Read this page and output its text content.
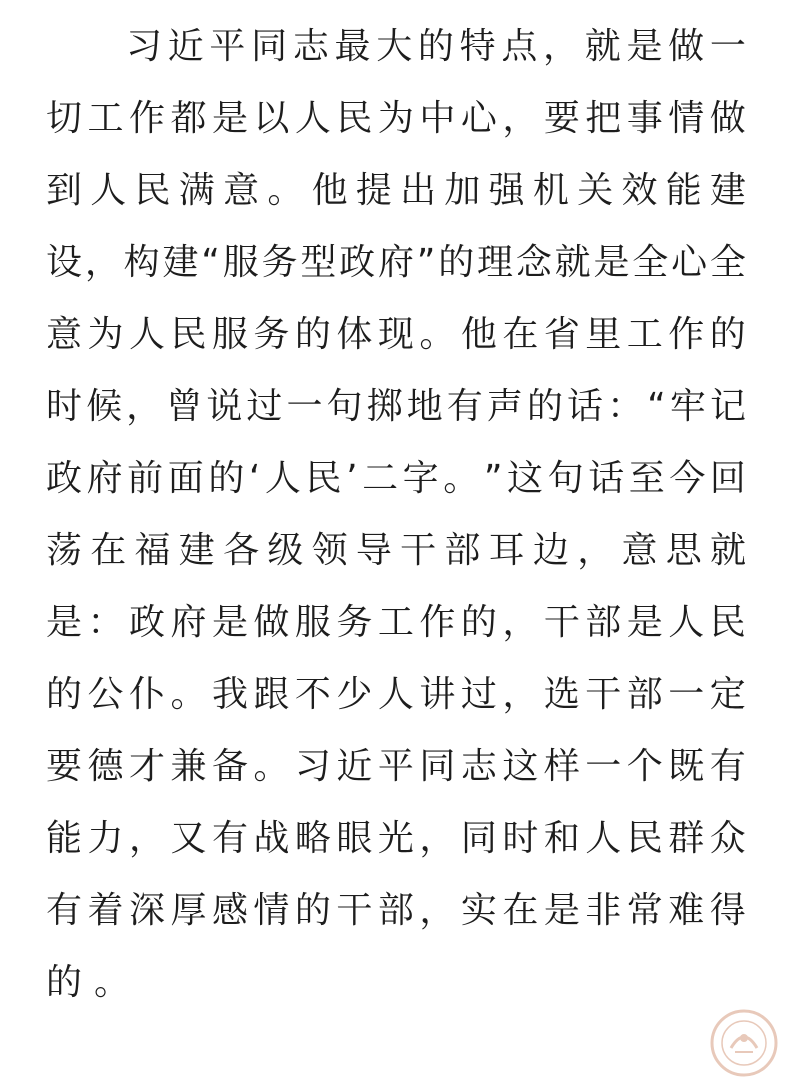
习 近 平 同 志 最 大 的 特 点 ， 就 是 做 一
切 工 作 都 是 以 人 民 为 中 心 ， 要 把 事 情 做
到 人 民 满 意 。 他 提 出 加 强 机 关 效 能 建
设 ， 构 建 “ 服 务 型 政 府 ” 的 理 念 就 是 全 心 全
意 为 人 民 服 务 的 体 现 。 他 在 省 里 工 作 的
时 候 ， 曾 说 过 一 句 掷 地 有 声 的 话 ： “ 牢 记
政 府 前 面 的 ‘ 人 民 ’ 二 字 。 ” 这 句 话 至 今 回
荡 在 福 建 各 级 领 导 干 部 耳 边 ， 意 思 就
是 ： 政 府 是 做 服 务 工 作 的 ， 干 部 是 人 民
的 公 仆 。 我 跟 不 少 人 讲 过 ， 选 干 部 一 定
要 德 才 兼 备 。 习 近 平 同 志 这 样 一 个 既 有
能 力 ， 又 有 战 略 眼 光 ， 同 时 和 人 民 群 众
有 着 深 厚 感 情 的 干 部 ， 实 在 是 非 常 难 得
的 。
